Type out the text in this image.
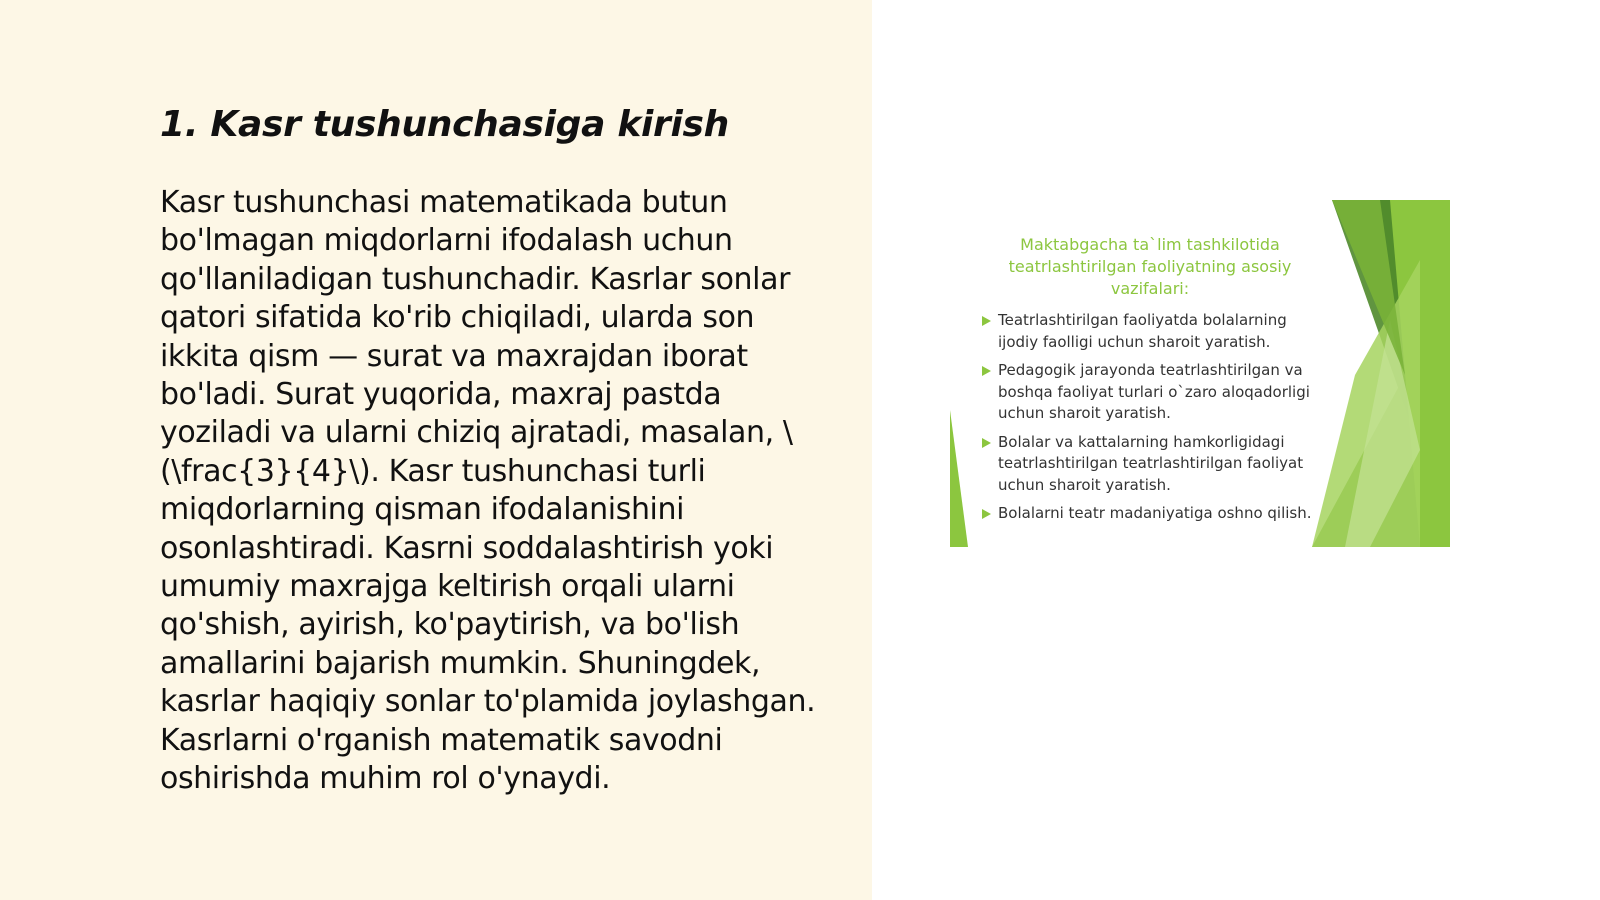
1. Kasr tushunchasiga kirish

Kasr tushunchasi matematikada butun bo'lmagan miqdorlarni ifodalash uchun qo'llaniladigan tushunchadir. Kasrlar sonlar qatori sifatida ko'rib chiqiladi, ularda son ikkita qism — surat va maxrajdan iborat bo'ladi. Surat yuqorida, maxraj pastda yoziladi va ularni chiziq ajratadi, masalan, \(\frac{3}{4}\). Kasr tushunchasi turli miqdorlarning qisman ifodalanishini osonlashtiradi. Kasrni soddalashtirish yoki umumiy maxrajga keltirish orqali ularni qo'shish, ayirish, ko'paytirish, va bo'lish amallarini bajarish mumkin. Shuningdek, kasrlar haqiqiy sonlar to'plamida joylashgan. Kasrlarni o'rganish matematik savodni oshirishda muhim rol o'ynaydi.

Maktabgacha ta`lim tashkilotida teatrlashtirilgan faoliyatning asosiy vazifalari:

Teatrlashtirilgan faoliyatda bolalarning ijodiy faolligi uchun sharoit yaratish.
Pedagogik jarayonda teatrlashtirilgan va boshqa faoliyat turlari o`zaro aloqadorligi uchun sharoit yaratish.
Bolalar va kattalarning hamkorligidagi teatrlashtirilgan teatrlashtirilgan faoliyat uchun sharoit yaratish.
Bolalarni teatr madaniyatiga oshno qilish.
